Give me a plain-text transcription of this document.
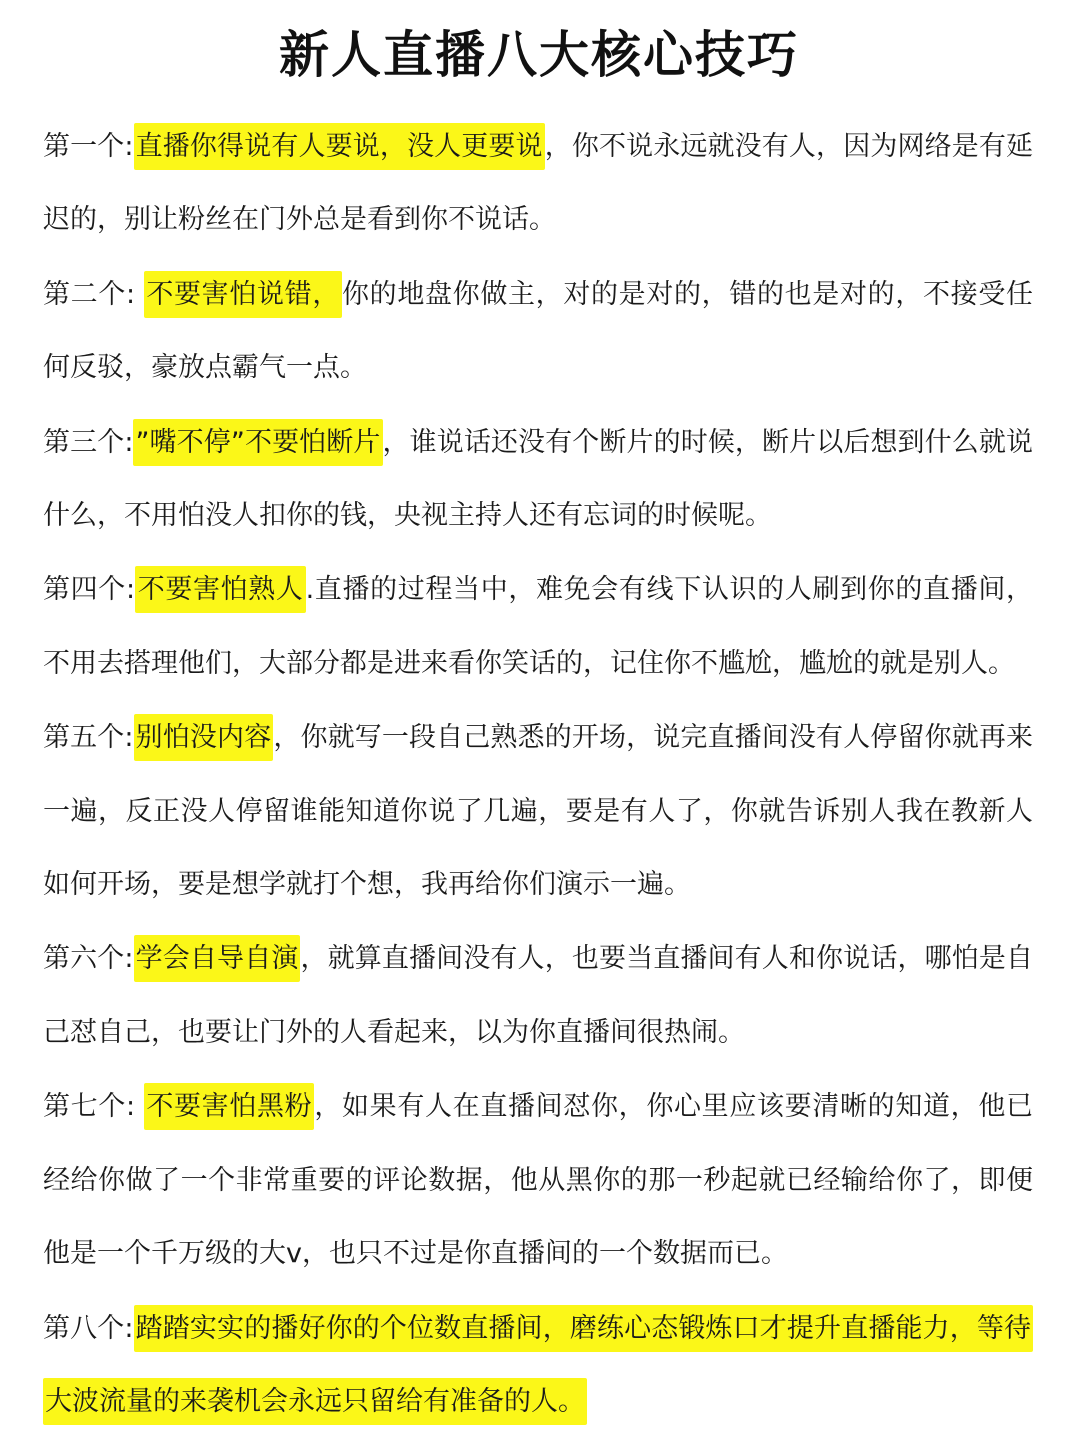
新人直播八大核心技巧

第一个:直播你得说有人要说，没人更要说，你不说永远就没有人，因为网络是有延迟的，别让粉丝在门外总是看到你不说话。

第二个: 不要害怕说错，你的地盘你做主，对的是对的，错的也是对的，不接受任何反驳，豪放点霸气一点。

第三个:”嘴不停”不要怕断片，谁说话还没有个断片的时候，断片以后想到什么就说什么，不用怕没人扣你的钱，央视主持人还有忘词的时候呢。

第四个:不要害怕熟人.直播的过程当中，难免会有线下认识的人刷到你的直播间，不用去搭理他们，大部分都是进来看你笑话的，记住你不尴尬，尴尬的就是别人。

第五个:别怕没内容，你就写一段自己熟悉的开场，说完直播间没有人停留你就再来一遍，反正没人停留谁能知道你说了几遍，要是有人了，你就告诉别人我在教新人如何开场，要是想学就打个想，我再给你们演示一遍。

第六个:学会自导自演，就算直播间没有人，也要当直播间有人和你说话，哪怕是自己怼自己，也要让门外的人看起来，以为你直播间很热闹。

第七个: 不要害怕黑粉，如果有人在直播间怼你，你心里应该要清晰的知道，他已经给你做了一个非常重要的评论数据，他从黑你的那一秒起就已经输给你了，即便他是一个千万级的大v，也只不过是你直播间的一个数据而已。

第八个:踏踏实实的播好你的个位数直播间，磨练心态锻炼口才提升直播能力，等待大波流量的来袭机会永远只留给有准备的人。
